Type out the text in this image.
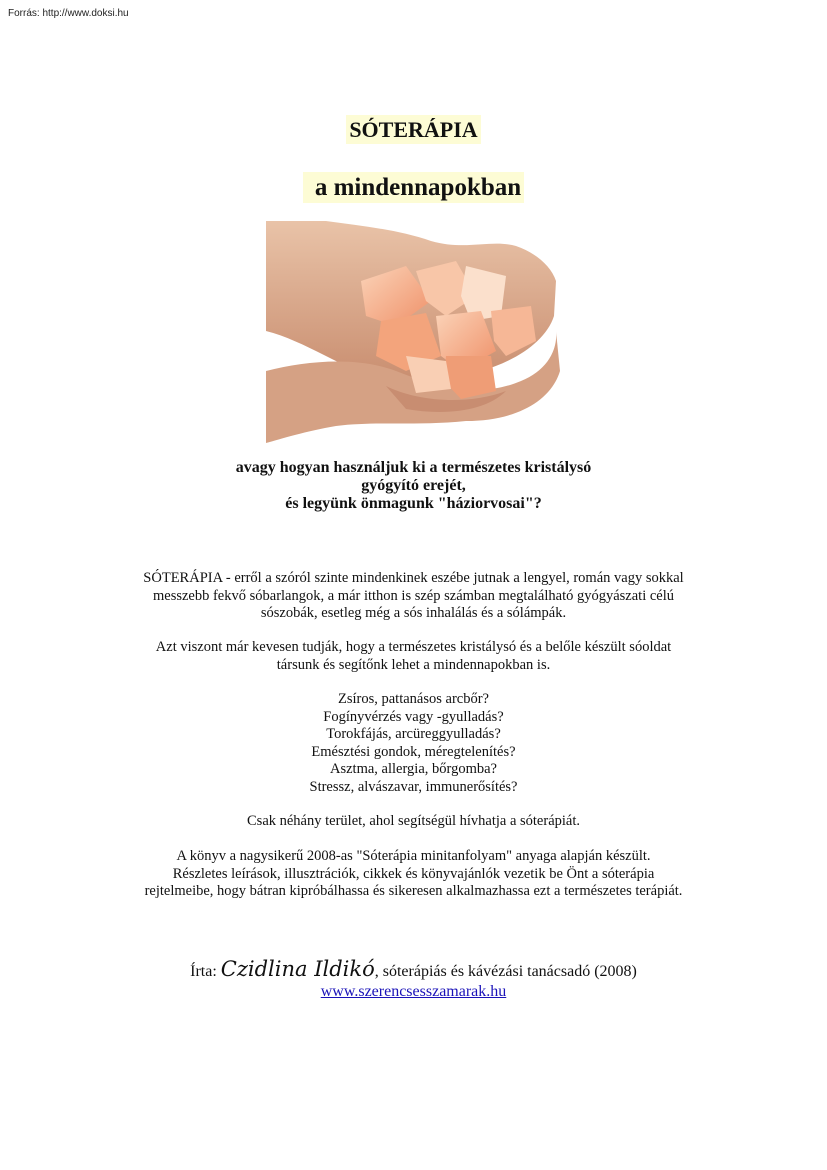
Forrás: http://www.doksi.hu
SÓTERÁPIA
a mindennapokban
avagy hogyan használjuk ki a természetes kristálysó
gyógyító erejét,
és legyünk önmagunk "háziorvosai"?
SÓTERÁPIA - erről a szóról szinte mindenkinek eszébe jutnak a lengyel, román vagy sokkal
messzebb fekvő sóbarlangok, a már itthon is szép számban megtalálható gyógyászati célú
sószobák, esetleg még a sós inhalálás és a sólámpák.
Azt viszont már kevesen tudják, hogy a természetes kristálysó és a belőle készült sóoldat
társunk és segítőnk lehet a mindennapokban is.
Zsíros, pattanásos arcbőr?
Fogínyvérzés vagy -gyulladás?
Torokfájás, arcüreggyulladás?
Emésztési gondok, méregtelenítés?
Asztma, allergia, bőrgomba?
Stressz, alvászavar, immunerősítés?
Csak néhány terület, ahol segítségül hívhatja a sóterápiát.
A könyv a nagysikerű 2008-as "Sóterápia minitanfolyam" anyaga alapján készült.
Részletes leírások, illusztrációk, cikkek és könyvajánlók vezetik be Önt a sóterápia
rejtelmeibe, hogy bátran kipróbálhassa és sikeresen alkalmazhassa ezt a természetes terápiát.
Írta: Czidlina Ildikó, sóterápiás és kávézási tanácsadó (2008)
www.szerencsesszamarak.hu
